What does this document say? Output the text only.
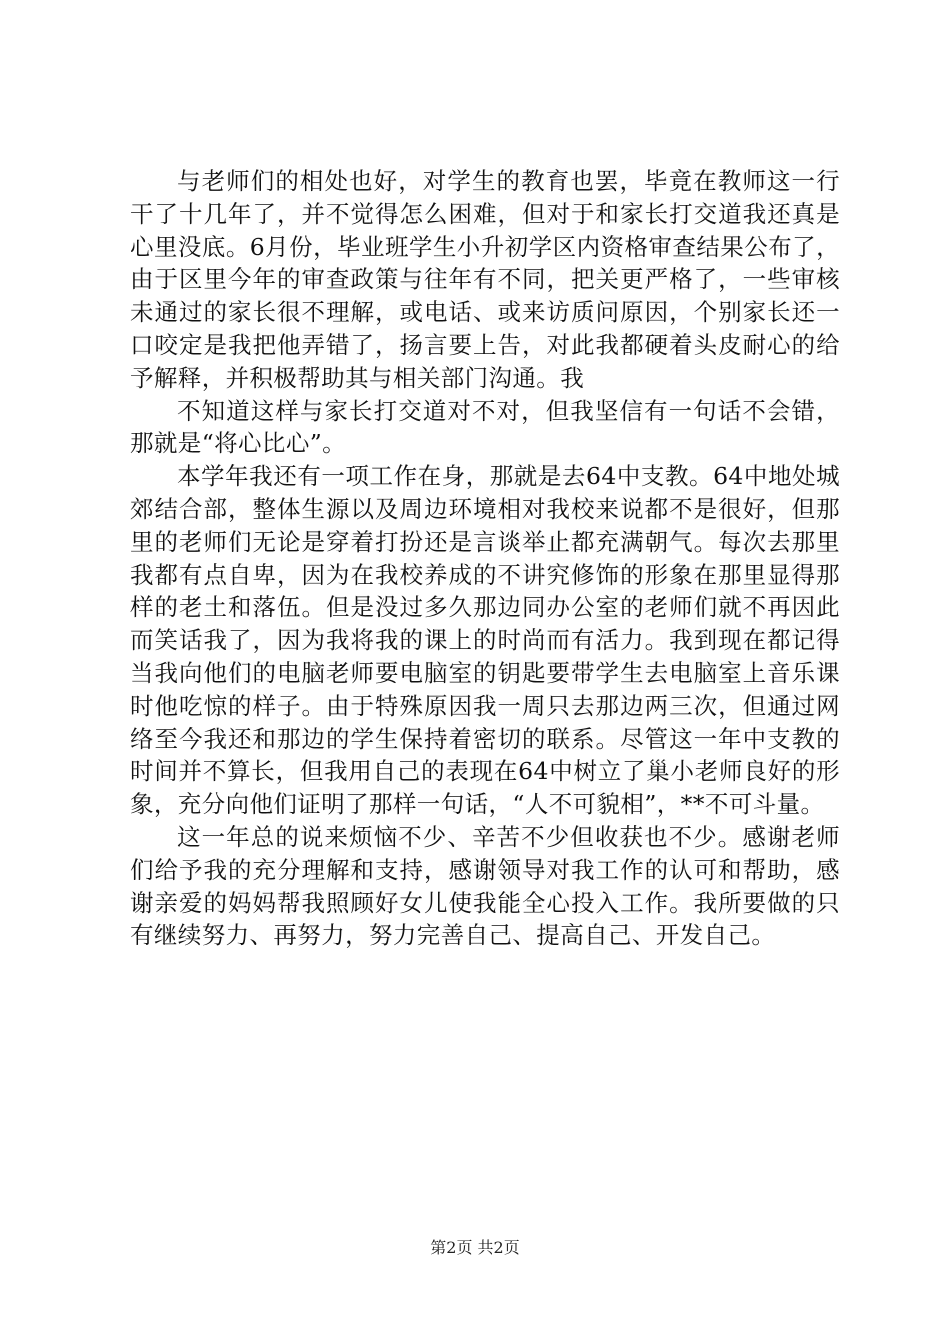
与老师们的相处也好，对学生的教育也罢，毕竟在教师这一行干了十几年了，并不觉得怎么困难，但对于和家长打交道我还真是心里没底。6月份，毕业班学生小升初学区内资格审查结果公布了，由于区里今年的审查政策与往年有不同，把关更严格了，一些审核未通过的家长很不理解，或电话、或来访质问原因，个别家长还一口咬定是我把他弄错了，扬言要上告，对此我都硬着头皮耐心的给予解释，并积极帮助其与相关部门沟通。我

不知道这样与家长打交道对不对，但我坚信有一句话不会错，那就是“将心比心”。

本学年我还有一项工作在身，那就是去64中支教。64中地处城郊结合部，整体生源以及周边环境相对我校来说都不是很好，但那里的老师们无论是穿着打扮还是言谈举止都充满朝气。每次去那里我都有点自卑，因为在我校养成的不讲究修饰的形象在那里显得那样的老土和落伍。但是没过多久那边同办公室的老师们就不再因此而笑话我了，因为我将我的课上的时尚而有活力。我到现在都记得当我向他们的电脑老师要电脑室的钥匙要带学生去电脑室上音乐课时他吃惊的样子。由于特殊原因我一周只去那边两三次，但通过网络至今我还和那边的学生保持着密切的联系。尽管这一年中支教的时间并不算长，但我用自己的表现在64中树立了巢小老师良好的形象，充分向他们证明了那样一句话，“人不可貌相”，**不可斗量。

这一年总的说来烦恼不少、辛苦不少但收获也不少。感谢老师们给予我的充分理解和支持，感谢领导对我工作的认可和帮助，感谢亲爱的妈妈帮我照顾好女儿使我能全心投入工作。我所要做的只有继续努力、再努力，努力完善自己、提高自己、开发自己。

第2页 共2页
